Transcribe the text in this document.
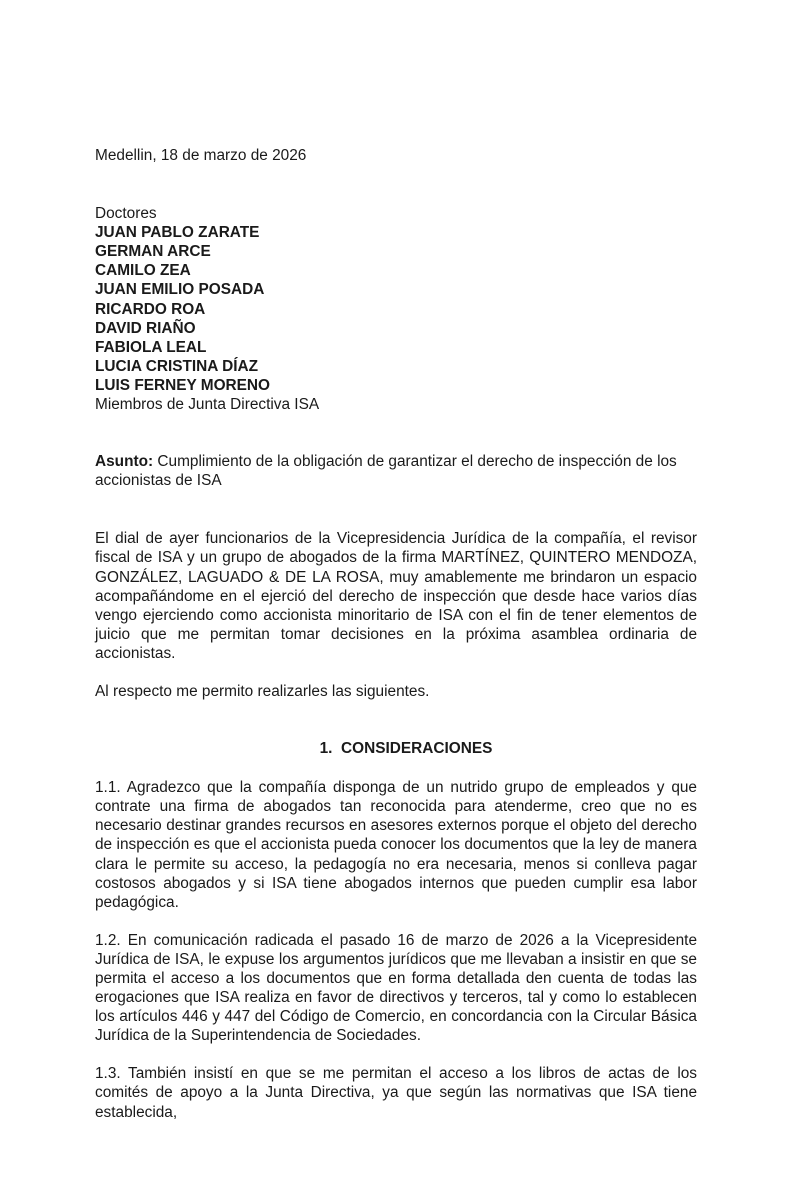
Medellin, 18 de marzo de 2026

Doctores

JUAN PABLO ZARATE

GERMAN ARCE

CAMILO ZEA

JUAN EMILIO POSADA

RICARDO ROA

DAVID RIAÑO

FABIOLA LEAL

LUCIA CRISTINA DÍAZ

LUIS FERNEY MORENO

Miembros de Junta Directiva ISA

Asunto: Cumplimiento de la obligación de garantizar el derecho de inspección de los accionistas de ISA

El dial de ayer funcionarios de la Vicepresidencia Jurídica de la compañía, el revisor fiscal de ISA y un grupo de abogados de la firma MARTÍNEZ, QUINTERO MENDOZA, GONZÁLEZ, LAGUADO & DE LA ROSA, muy amablemente me brindaron un espacio acompañándome en el ejerció del derecho de inspección que desde hace varios días vengo ejerciendo como accionista minoritario de ISA con el fin de tener elementos de juicio que me permitan tomar decisiones en la próxima asamblea ordinaria de accionistas.

Al respecto me permito realizarles las siguientes.

1.  CONSIDERACIONES

1.1. Agradezco que la compañía disponga de un nutrido grupo de empleados y que contrate una firma de abogados tan reconocida para atenderme, creo que no es necesario destinar grandes recursos en asesores externos porque el objeto del derecho de inspección es que el accionista pueda conocer los documentos que la ley de manera clara le permite su acceso, la pedagogía no era necesaria, menos si conlleva pagar costosos abogados y si ISA tiene abogados internos que pueden cumplir esa labor pedagógica.

1.2. En comunicación radicada el pasado 16 de marzo de 2026 a la Vicepresidente Jurídica de ISA, le expuse los argumentos jurídicos que me llevaban a insistir en que se permita el acceso a los documentos que en forma detallada den cuenta de todas las erogaciones que ISA realiza en favor de directivos y terceros, tal y como lo establecen los artículos 446 y 447 del Código de Comercio, en concordancia con la Circular Básica Jurídica de la Superintendencia de Sociedades.

1.3. También insistí en que se me permitan el acceso a los libros de actas de los comités de apoyo a la Junta Directiva, ya que según las normativas que ISA tiene establecida,
